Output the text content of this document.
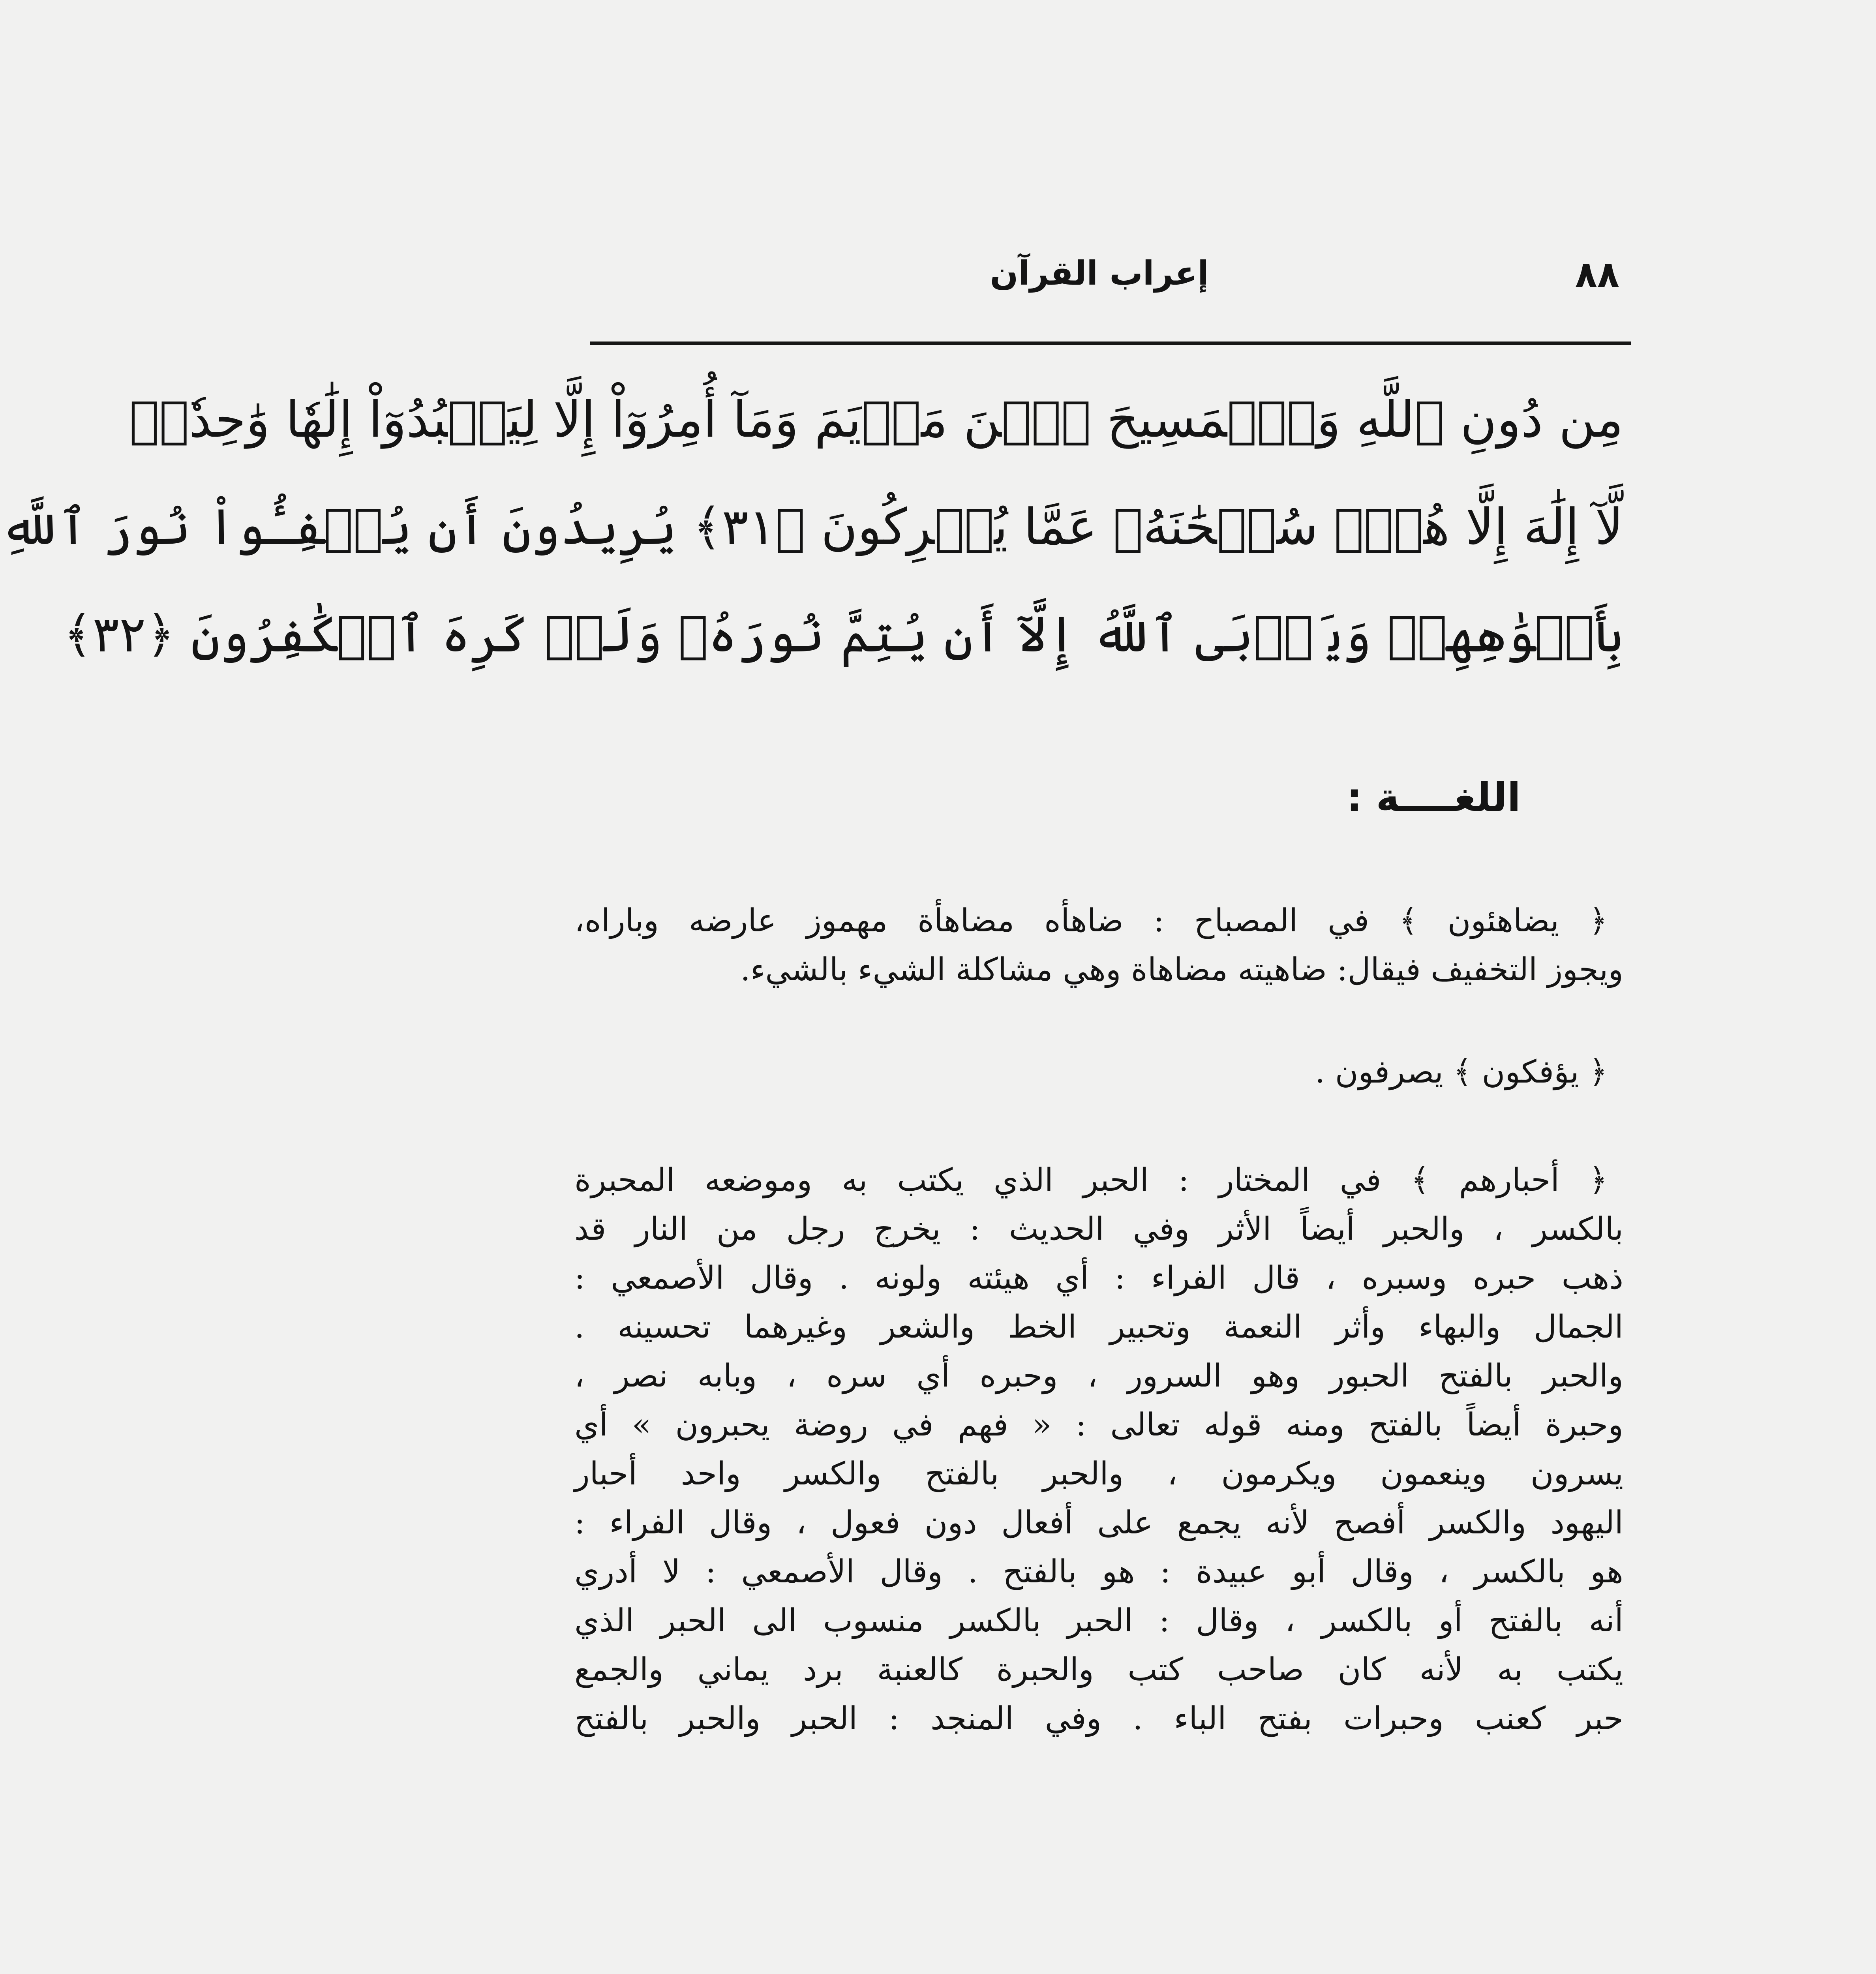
٨٨
إعراب القرآن
مِن دُونِ ٱللَّهِ وَٱلۡمَسِيحَ ٱبۡنَ مَرۡيَمَ وَمَآ أُمِرُوٓاْ إِلَّا لِيَعۡبُدُوٓاْ إِلَٰهٗا وَٰحِدٗاۖ
لَّآ إِلَٰهَ إِلَّا هُوَۚ سُبۡحَٰنَهُۥ عَمَّا يُشۡرِكُونَ ﴿٣١﴾ يُرِيدُونَ أَن يُطۡفِـُٔواْ نُورَ ٱللَّهِ
بِأَفۡوَٰهِهِمۡ وَيَأۡبَى ٱللَّهُ إِلَّآ أَن يُتِمَّ نُورَهُۥ وَلَوۡ كَرِهَ ٱلۡكَٰفِرُونَ ﴿٣٢﴾
اللغــــة :
﴿ يضاهئون ﴾ في المصباح : ضاهأه مضاهأة مهموز عارضه وباراه،
ويجوز التخفيف فيقال: ضاهيته مضاهاة وهي مشاكلة الشيء بالشيء.
﴿ يؤفكون ﴾ يصرفون .
﴿ أحبارهم ﴾ في المختار : الحبر الذي يكتب به وموضعه المحبرة
بالكسر ، والحبر أيضاً الأثر وفي الحديث : يخرج رجل من النار قد
ذهب حبره وسبره ، قال الفراء : أي هيئته ولونه . وقال الأصمعي :
الجمال والبهاء وأثر النعمة وتحبير الخط والشعر وغيرهما تحسينه .
والحبر بالفتح الحبور وهو السرور ، وحبره أي سره ، وبابه نصر ،
وحبرة أيضاً بالفتح ومنه قوله تعالى : « فهم في روضة يحبرون » أي
يسرون وينعمون ويكرمون ، والحبر بالفتح والكسر واحد أحبار
اليهود والكسر أفصح لأنه يجمع على أفعال دون فعول ، وقال الفراء :
هو بالكسر ، وقال أبو عبيدة : هو بالفتح . وقال الأصمعي : لا أدري
أنه بالفتح أو بالكسر ، وقال : الحبر بالكسر منسوب الى الحبر الذي
يكتب به لأنه كان صاحب كتب والحبرة كالعنبة برد يماني والجمع
حبر كعنب وحبرات بفتح الباء . وفي المنجد : الحبر والحبر بالفتح
